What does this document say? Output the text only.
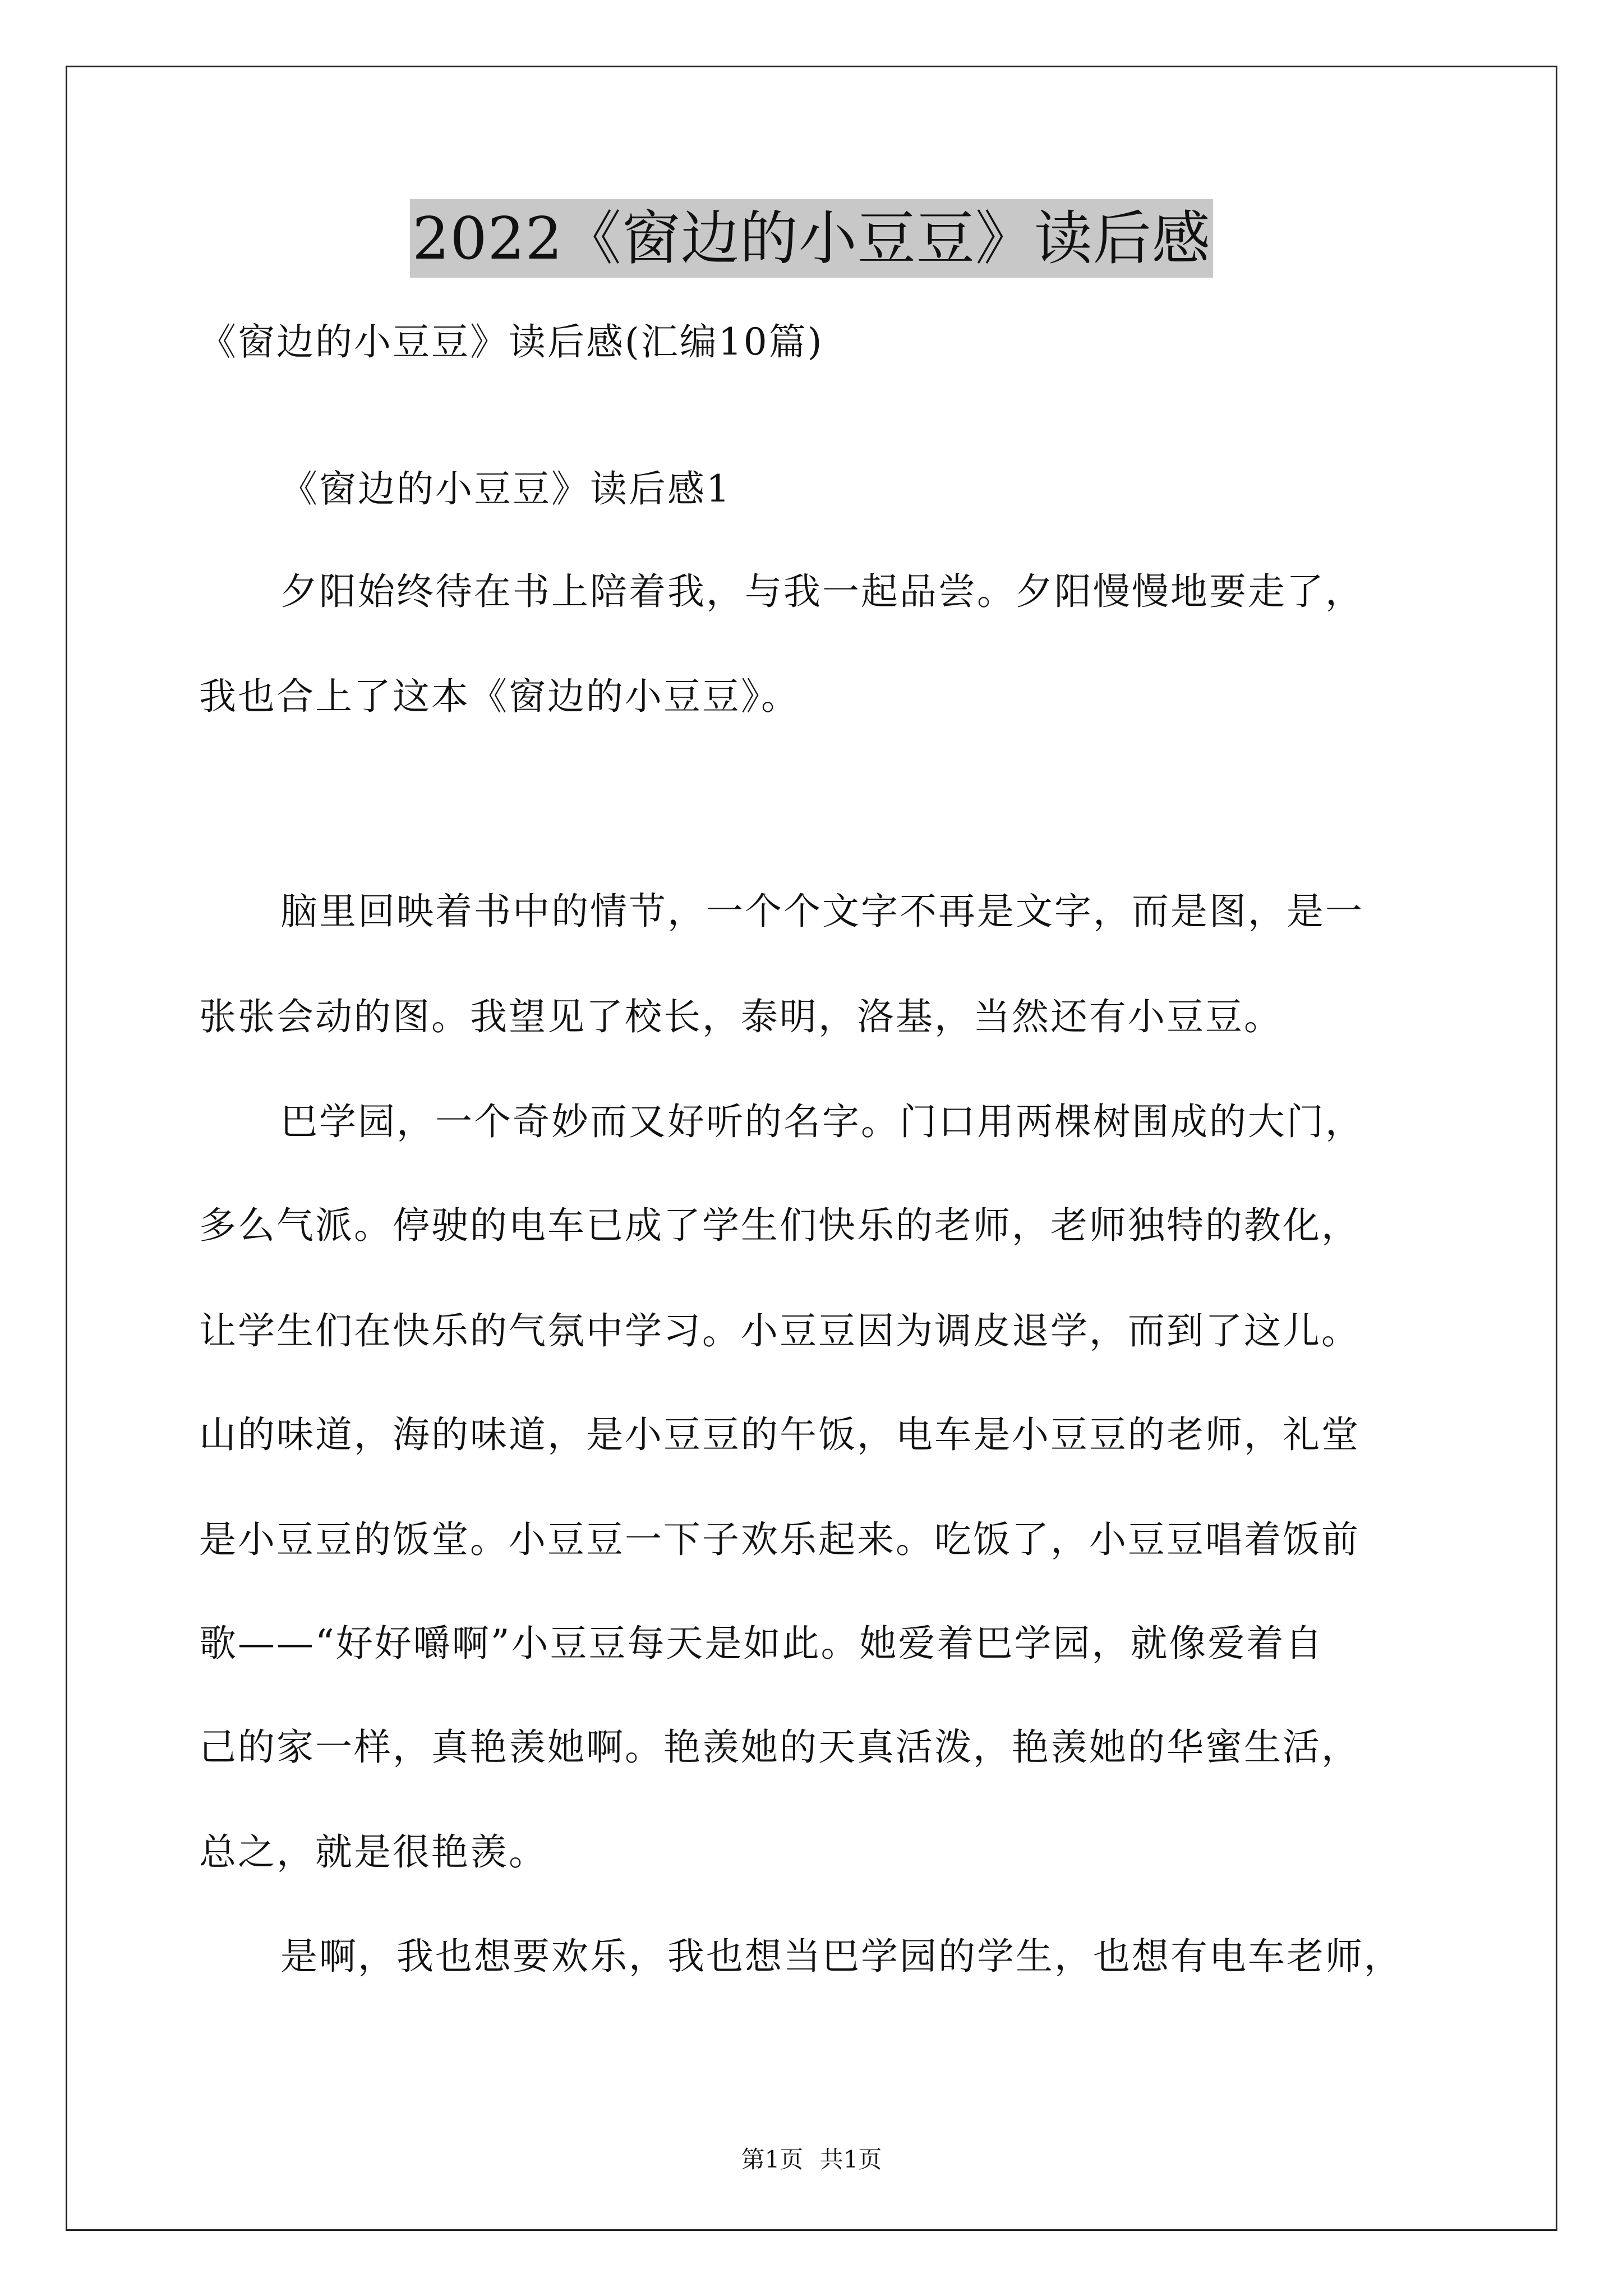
2022《窗边的小豆豆》读后感
《窗边的小豆豆》读后感(汇编10篇)
《窗边的小豆豆》读后感1
夕阳始终待在书上陪着我，与我一起品尝。夕阳慢慢地要走了，
我也合上了这本《窗边的小豆豆》。
脑里回映着书中的情节，一个个文字不再是文字，而是图，是一
张张会动的图。我望见了校长，泰明，洛基，当然还有小豆豆。
巴学园，一个奇妙而又好听的名字。门口用两棵树围成的大门，
多么气派。停驶的电车已成了学生们快乐的老师，老师独特的教化，
让学生们在快乐的气氛中学习。小豆豆因为调皮退学，而到了这儿。
山的味道，海的味道，是小豆豆的午饭，电车是小豆豆的老师，礼堂
是小豆豆的饭堂。小豆豆一下子欢乐起来。吃饭了，小豆豆唱着饭前
歌——“好好嚼啊”小豆豆每天是如此。她爱着巴学园，就像爱着自
己的家一样，真艳羡她啊。艳羡她的天真活泼，艳羡她的华蜜生活，
总之，就是很艳羡。
是啊，我也想要欢乐，我也想当巴学园的学生，也想有电车老师，
第1页 共1页
